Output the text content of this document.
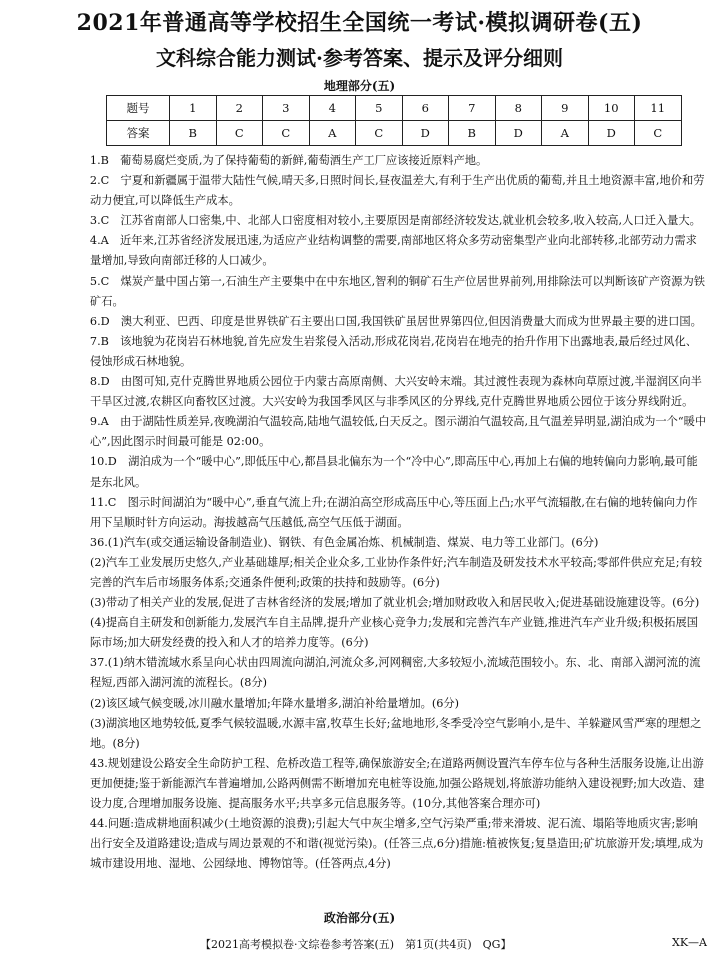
2021年普通高等学校招生全国统一考试·模拟调研卷(五)
文科综合能力测试·参考答案、提示及评分细则
地理部分(五)
题号	1	2	3	4	5	6	7	8	9	10	11
答案	B	C	C	A	C	D	B	D	A	D	C

1.B　葡萄易腐烂变质,为了保持葡萄的新鲜,葡萄酒生产工厂应该接近原料产地。

2.C　宁夏和新疆属于温带大陆性气候,晴天多,日照时间长,昼夜温差大,有利于生产出优质的葡萄,并且土地资源丰富,地价和劳动力便宜,可以降低生产成本。

3.C　江苏省南部人口密集,中、北部人口密度相对较小,主要原因是南部经济较发达,就业机会较多,收入较高,人口迁入量大。

4.A　近年来,江苏省经济发展迅速,为适应产业结构调整的需要,南部地区将众多劳动密集型产业向北部转移,北部劳动力需求量增加,导致向南部迁移的人口减少。

5.C　煤炭产量中国占第一,石油生产主要集中在中东地区,智利的铜矿石生产位居世界前列,用排除法可以判断该矿产资源为铁矿石。

6.D　澳大利亚、巴西、印度是世界铁矿石主要出口国,我国铁矿虽居世界第四位,但因消费量大而成为世界最主要的进口国。

7.B　该地貌为花岗岩石林地貌,首先应发生岩浆侵入活动,形成花岗岩,花岗岩在地壳的抬升作用下出露地表,最后经过风化、侵蚀形成石林地貌。

8.D　由图可知,克什克腾世界地质公园位于内蒙古高原南侧、大兴安岭末端。其过渡性表现为森林向草原过渡,半湿润区向半干旱区过渡,农耕区向畜牧区过渡。大兴安岭为我国季风区与非季风区的分界线,克什克腾世界地质公园位于该分界线附近。

9.A　由于湖陆性质差异,夜晚湖泊气温较高,陆地气温较低,白天反之。图示湖泊气温较高,且气温差异明显,湖泊成为一个“暖中心”,因此图示时间最可能是 02:00。

10.D　湖泊成为一个“暖中心”,即低压中心,都昌县北偏东为一个“冷中心”,即高压中心,再加上右偏的地转偏向力影响,最可能是东北风。

11.C　图示时间湖泊为“暖中心”,垂直气流上升;在湖泊高空形成高压中心,等压面上凸;水平气流辐散,在右偏的地转偏向力作用下呈顺时针方向运动。海拔越高气压越低,高空气压低于湖面。

36.(1)汽车(或交通运输设备制造业)、钢铁、有色金属冶炼、机械制造、煤炭、电力等工业部门。(6分)

(2)汽车工业发展历史悠久,产业基础雄厚;相关企业众多,工业协作条件好;汽车制造及研发技术水平较高;零部件供应充足;有较完善的汽车后市场服务体系;交通条件便利;政策的扶持和鼓励等。(6分)

(3)带动了相关产业的发展,促进了吉林省经济的发展;增加了就业机会;增加财政收入和居民收入;促进基础设施建设等。(6分)

(4)提高自主研发和创新能力,发展汽车自主品牌,提升产业核心竞争力;发展和完善汽车产业链,推进汽车产业升级;积极拓展国际市场;加大研发经费的投入和人才的培养力度等。(6分)

37.(1)纳木错流域水系呈向心状由四周流向湖泊,河流众多,河网稠密,大多较短小,流域范围较小。东、北、南部入湖河流的流程短,西部入湖河流的流程长。(8分)

(2)该区域气候变暖,冰川融水量增加;年降水量增多,湖泊补给量增加。(6分)

(3)湖滨地区地势较低,夏季气候较温暖,水源丰富,牧草生长好;盆地地形,冬季受冷空气影响小,是牛、羊躲避风雪严寒的理想之地。(8分)

43.规划建设公路安全生命防护工程、危桥改造工程等,确保旅游安全;在道路两侧设置汽车停车位与各种生活服务设施,让出游更加便捷;鉴于新能源汽车普遍增加,公路两侧需不断增加充电桩等设施,加强公路规划,将旅游功能纳入建设视野;加大改造、建设力度,合理增加服务设施、提高服务水平;共享多元信息服务等。(10分,其他答案合理亦可)

44.问题:造成耕地面积减少(土地资源的浪费);引起大气中灰尘增多,空气污染严重;带来滑坡、泥石流、塌陷等地质灾害;影响出行安全及道路建设;造成与周边景观的不和谐(视觉污染)。(任答三点,6分)措施:植被恢复;复垦造田;矿坑旅游开发;填埋,成为城市建设用地、湿地、公园绿地、博物馆等。(任答两点,4分)

政治部分(五)
【2021高考模拟卷·文综卷参考答案(五)　第1页(共4页)　QG】	XK—A
